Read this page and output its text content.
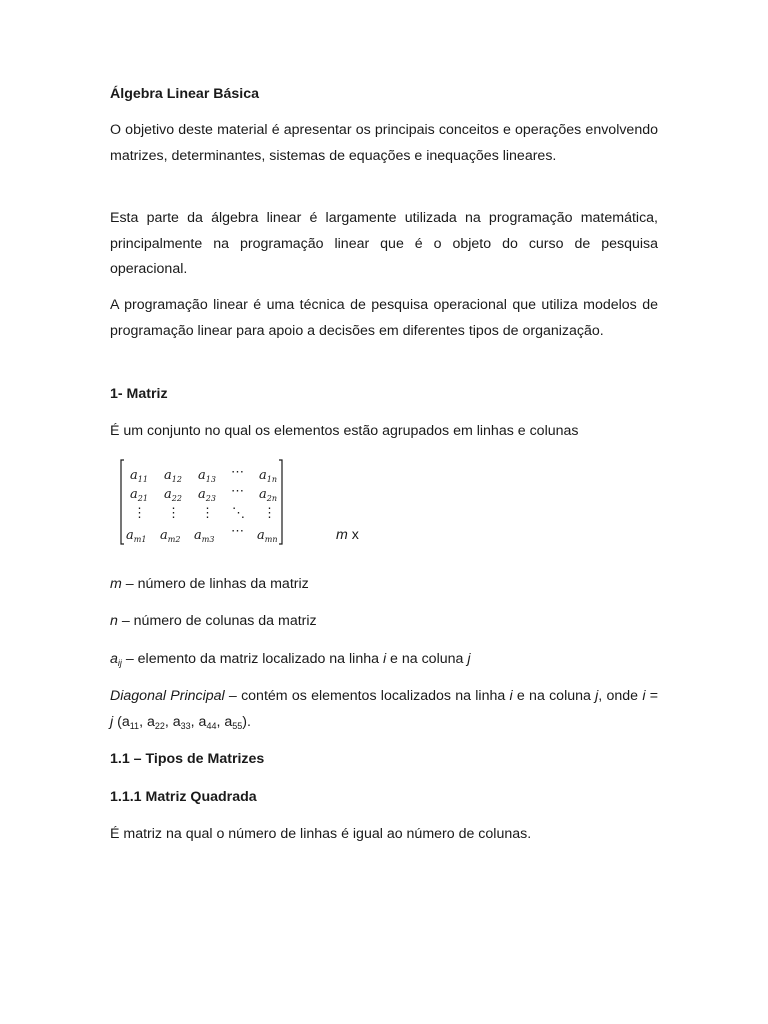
Álgebra Linear Básica

O objetivo deste material é apresentar os principais conceitos e operações envolvendo matrizes, determinantes, sistemas de equações e inequações lineares.

Esta parte da álgebra linear é largamente utilizada na programação matemática, principalmente na programação linear que é o objeto do curso de pesquisa operacional.

A programação linear é uma técnica de pesquisa operacional que utiliza modelos de programação linear para apoio a decisões em diferentes tipos de organização.

1- Matriz

É um conjunto no qual os elementos estão agrupados em linhas e colunas

$a_{11}$ $a_{12}$ $a_{13}$ ⋯ $a_{1n}$
$a_{21}$ $a_{22}$ $a_{23}$ ⋯ $a_{2n}$
⋮ ⋮ ⋮ ⋱ ⋮
$a_{m1}$ $a_{m2}$ $a_{m3}$
⋯ $a_{mn}$	m x

m – número de linhas da matriz

n – número de colunas da matriz

$a_{ij}$ – elemento da matriz localizado na linha i e na coluna j

Diagonal Principal – contém os elementos localizados na linha i e na coluna j, onde i = j ($a_{11}$, $a_{22}$, $a_{33}$, $a_{44}$, $a_{55}$).

1.1 – Tipos de Matrizes

1.1.1 Matriz Quadrada

É matriz na qual o número de linhas é igual ao número de colunas.
